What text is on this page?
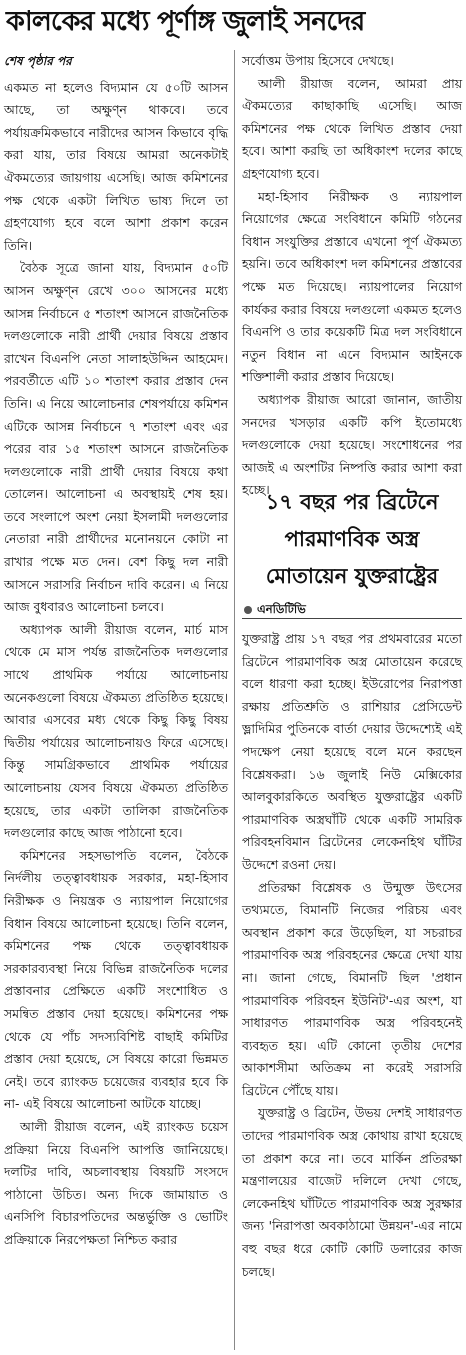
কালকের মধ্যে পূর্ণাঙ্গ জুলাই সনদের

শেষ পৃষ্ঠার পর

একমত না হলেও বিদ্যমান যে ৫০টি আসন আছে, তা অক্ষুণ্ন থাকবে। তবে পর্যায়ক্রমিকভাবে নারীদের আসন কিভাবে বৃদ্ধি করা যায়, তার বিষয়ে আমরা অনেকটাই ঐকমত্যের জায়গায় এসেছি। আজ কমিশনের পক্ষ থেকে একটা লিখিত ভাষ্য দিলে তা গ্রহণযোগ্য হবে বলে আশা প্রকাশ করেন তিনি।

বৈঠক সূত্রে জানা যায়, বিদ্যমান ৫০টি আসন অক্ষুণ্ন রেখে ৩০০ আসনের মধ্যে আসন্ন নির্বাচনে ৫ শতাংশ আসনে রাজনৈতিক দলগুলোকে নারী প্রার্থী দেয়ার বিষয়ে প্রস্তাব রাখেন বিএনপি নেতা সালাহউদ্দিন আহমেদ। পরবর্তীতে এটি ১০ শতাংশ করার প্রস্তাব দেন তিনি। এ নিয়ে আলোচনার শেষপর্যায়ে কমিশন এটিকে আসন্ন নির্বাচনে ৭ শতাংশ এবং এর পরের বার ১৫ শতাংশ আসনে রাজনৈতিক দলগুলোকে নারী প্রার্থী দেয়ার বিষয়ে কথা তোলেন। আলোচনা এ অবস্থায়ই শেষ হয়। তবে সংলাপে অংশ নেয়া ইসলামী দলগুলোর নেতারা নারী প্রার্থীদের মনোনয়নে কোটা না রাখার পক্ষে মত দেন। বেশ কিছু দল নারী আসনে সরাসরি নির্বাচন দাবি করেন। এ নিয়ে আজ বুধবারও আলোচনা চলবে।

অধ্যাপক আলী রীয়াজ বলেন, মার্চ মাস থেকে মে মাস পর্যন্ত রাজনৈতিক দলগুলোর সাথে প্রাথমিক পর্যায়ে আলোচনায় অনেকগুলো বিষয়ে ঐকমত্য প্রতিষ্ঠিত হয়েছে। আবার এসবের মধ্য থেকে কিছু কিছু বিষয় দ্বিতীয় পর্যায়ের আলোচনায়ও ফিরে এসেছে। কিন্তু সামগ্রিকভাবে প্রাথমিক পর্যায়ের আলোচনায় যেসব বিষয়ে ঐকমত্য প্রতিষ্ঠিত হয়েছে, তার একটা তালিকা রাজনৈতিক দলগুলোর কাছে আজ পাঠানো হবে।

কমিশনের সহসভাপতি বলেন, বৈঠকে নির্দলীয় তত্ত্বাবধায়ক সরকার, মহা-হিসাব নিরীক্ষক ও নিয়ন্ত্রক ও ন্যায়পাল নিয়োগের বিধান বিষয়ে আলোচনা হয়েছে। তিনি বলেন, কমিশনের পক্ষ থেকে তত্ত্বাবধায়ক সরকারব্যবস্থা নিয়ে বিভিন্ন রাজনৈতিক দলের প্রস্তাবনার প্রেক্ষিতে একটি সংশোধিত ও সমন্বিত প্রস্তাব দেয়া হয়েছে। কমিশনের পক্ষ থেকে যে পাঁচ সদস্যবিশিষ্ট বাছাই কমিটির প্রস্তাব দেয়া হয়েছে, সে বিষয়ে কারো ভিন্নমত নেই। তবে র‍্যাংকড চয়েজের ব্যবহার হবে কি না- এই বিষয়ে আলোচনা আটকে যাচ্ছে।

আলী রীয়াজ বলেন, এই র‍্যাংকড চয়েস প্রক্রিয়া নিয়ে বিএনপি আপত্তি জানিয়েছে। দলটির দাবি, অচলাবস্থায় বিষয়টি সংসদে পাঠানো উচিত। অন্য দিকে জামায়াত ও এনসিপি বিচারপতিদের অন্তর্ভুক্তি ও ভোটিং প্রক্রিয়াকে নিরপেক্ষতা নিশ্চিত করার

সর্বোত্তম উপায় হিসেবে দেখছে।

আলী রীয়াজ বলেন, আমরা প্রায় ঐকমত্যের কাছাকাছি এসেছি। আজ কমিশনের পক্ষ থেকে লিখিত প্রস্তাব দেয়া হবে। আশা করছি তা অধিকাংশ দলের কাছে গ্রহণযোগ্য হবে।

মহা-হিসাব নিরীক্ষক ও ন্যায়পাল নিয়োগের ক্ষেত্রে সংবিধানে কমিটি গঠনের বিধান সংযুক্তির প্রস্তাবে এখনো পূর্ণ ঐকমত্য হয়নি। তবে অধিকাংশ দল কমিশনের প্রস্তাবের পক্ষে মত দিয়েছে। ন্যায়পালের নিয়োগ কার্যকর করার বিষয়ে দলগুলো একমত হলেও বিএনপি ও তার কয়েকটি মিত্র দল সংবিধানে নতুন বিধান না এনে বিদ্যমান আইনকে শক্তিশালী করার প্রস্তাব দিয়েছে।

অধ্যাপক রীয়াজ আরো জানান, জাতীয় সনদের খসড়ার একটি কপি ইতোমধ্যে দলগুলোকে দেয়া হয়েছে। সংশোধনের পর আজই এ অংশটির নিষ্পত্তি করার আশা করা হচ্ছে।

১৭ বছর পর ব্রিটেনে পারমাণবিক অস্ত্র মোতায়েন যুক্তরাষ্ট্রের
এনডিটিভি

যুক্তরাষ্ট্র প্রায় ১৭ বছর পর প্রথমবারের মতো ব্রিটেনে পারমাণবিক অস্ত্র মোতায়েন করেছে বলে ধারণা করা হচ্ছে। ইউরোপের নিরাপত্তা রক্ষায় প্রতিশ্রুতি ও রাশিয়ার প্রেসিডেন্ট ভ্লাদিমির পুতিনকে বার্তা দেয়ার উদ্দেশ্যেই এই পদক্ষেপ নেয়া হয়েছে বলে মনে করছেন বিশ্লেষকরা। ১৬ জুলাই নিউ মেক্সিকোর আলবুকারকিতে অবস্থিত যুক্তরাষ্ট্রের একটি পারমাণবিক অস্ত্রঘাঁটি থেকে একটি সামরিক পরিবহনবিমান ব্রিটেনের লেকেনহিথ ঘাঁটির উদ্দেশে রওনা দেয়।

প্রতিরক্ষা বিশ্লেষক ও উন্মুক্ত উৎসের তথ্যমতে, বিমানটি নিজের পরিচয় এবং অবস্থান প্রকাশ করে উড়েছিল, যা সচরাচর পারমাণবিক অস্ত্র পরিবহনের ক্ষেত্রে দেখা যায় না। জানা গেছে, বিমানটি ছিল 'প্রধান পারমাণবিক পরিবহন ইউনিট'-এর অংশ, যা সাধারণত পারমাণবিক অস্ত্র পরিবহনেই ব্যবহৃত হয়। এটি কোনো তৃতীয় দেশের আকাশসীমা অতিক্রম না করেই সরাসরি ব্রিটেনে পৌঁছে যায়।

যুক্তরাষ্ট্র ও ব্রিটেন, উভয় দেশই সাধারণত তাদের পারমাণবিক অস্ত্র কোথায় রাখা হয়েছে তা প্রকাশ করে না। তবে মার্কিন প্রতিরক্ষা মন্ত্রণালয়ের বাজেট দলিলে দেখা গেছে, লেকেনহিথ ঘাঁটিতে পারমাণবিক অস্ত্র সুরক্ষার জন্য 'নিরাপত্তা অবকাঠামো উন্নয়ন'-এর নামে বহু বছর ধরে কোটি কোটি ডলারের কাজ চলছে।
